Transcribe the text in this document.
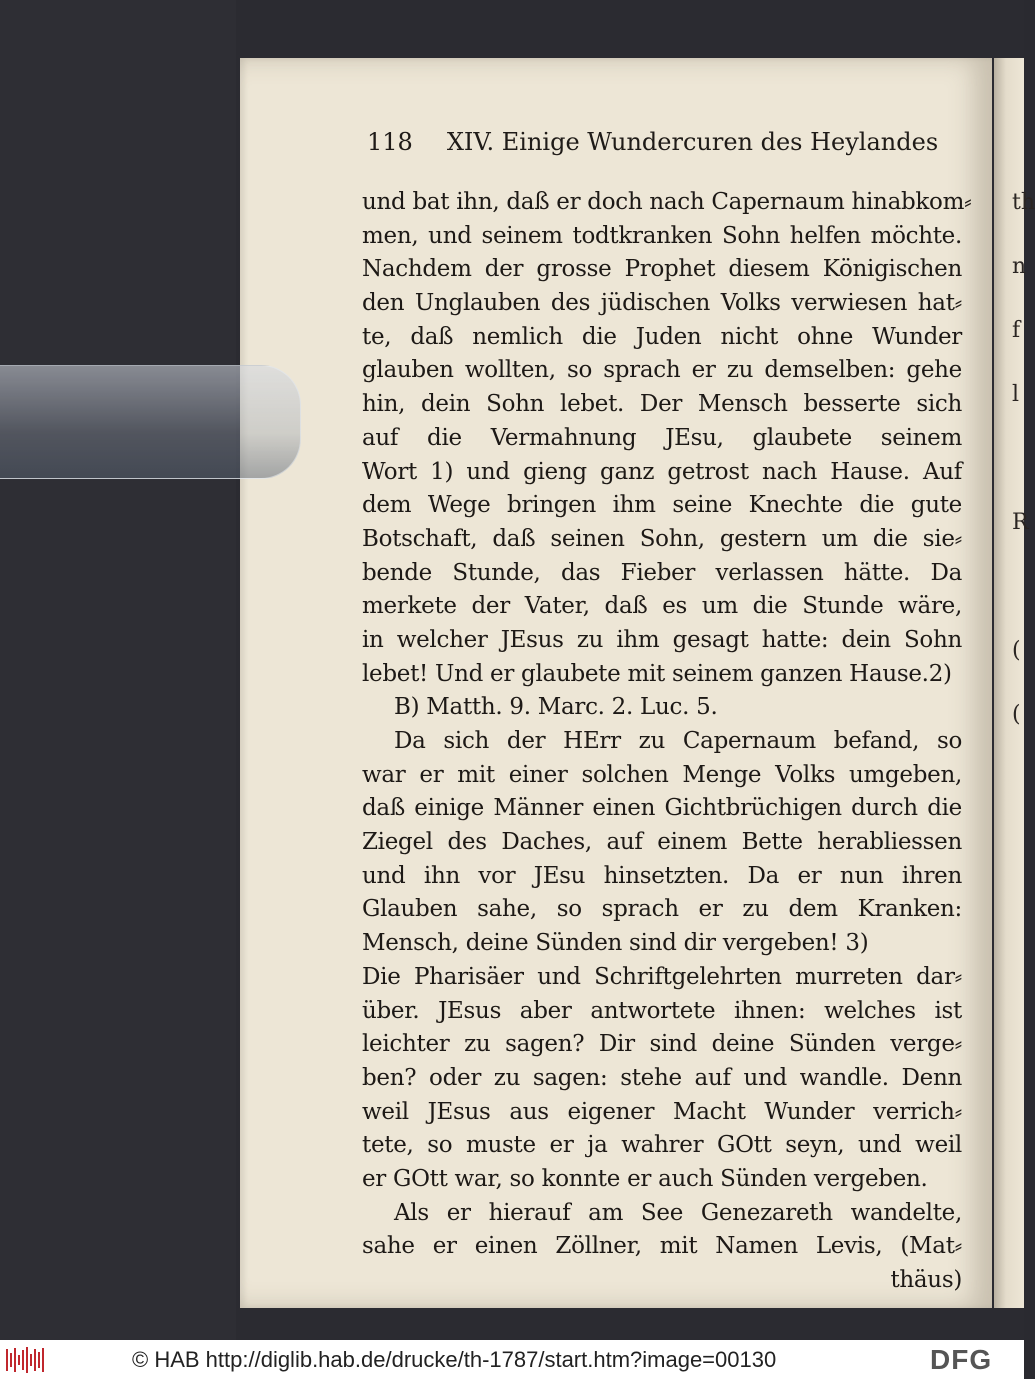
th
n
f
l
R
(
(
118 XIV. Einige Wundercuren des Heylandes
und bat ihn, daß er doch nach Capernaum hinabkom⸗
men, und seinem todtkranken Sohn helfen möchte.
Nachdem der grosse Prophet diesem Königischen
den Unglauben des jüdischen Volks verwiesen hat⸗
te, daß nemlich die Juden nicht ohne Wunder
glauben wollten, so sprach er zu demselben: gehe
hin, dein Sohn lebet. Der Mensch besserte sich
auf die Vermahnung JEsu, glaubete seinem
Wort 1) und gieng ganz getrost nach Hause. Auf
dem Wege bringen ihm seine Knechte die gute
Botschaft, daß seinen Sohn, gestern um die sie⸗
bende Stunde, das Fieber verlassen hätte. Da
merkete der Vater, daß es um die Stunde wäre,
in welcher JEsus zu ihm gesagt hatte: dein Sohn
lebet! Und er glaubete mit seinem ganzen Hause.2)
B) Matth. 9. Marc. 2. Luc. 5.
Da sich der HErr zu Capernaum befand, so
war er mit einer solchen Menge Volks umgeben,
daß einige Männer einen Gichtbrüchigen durch die
Ziegel des Daches, auf einem Bette herabliessen
und ihn vor JEsu hinsetzten. Da er nun ihren
Glauben sahe, so sprach er zu dem Kranken:
Mensch, deine Sünden sind dir vergeben! 3)
Die Pharisäer und Schriftgelehrten murreten dar⸗
über. JEsus aber antwortete ihnen: welches ist
leichter zu sagen? Dir sind deine Sünden verge⸗
ben? oder zu sagen: stehe auf und wandle. Denn
weil JEsus aus eigener Macht Wunder verrich⸗
tete, so muste er ja wahrer GOtt seyn, und weil
er GOtt war, so konnte er auch Sünden vergeben.
Als er hierauf am See Genezareth wandelte,
sahe er einen Zöllner, mit Namen Levis, (Mat⸗
thäus)
© HAB http://diglib.hab.de/drucke/th-1787/start.htm?image=00130	DFG
